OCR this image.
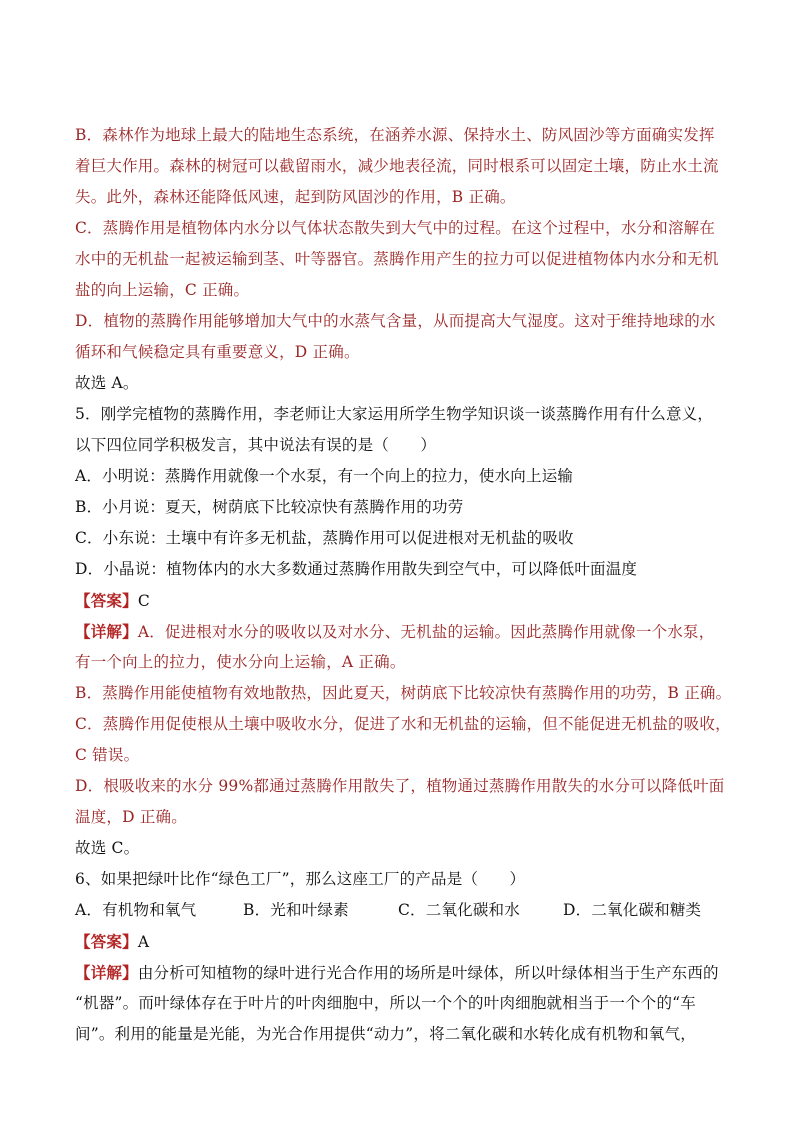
B．森林作为地球上最大的陆地生态系统，在涵养水源、保持水土、防风固沙等方面确实发挥
着巨大作用。森林的树冠可以截留雨水，减少地表径流，同时根系可以固定土壤，防止水土流
失。此外，森林还能降低风速，起到防风固沙的作用，B 正确。
C．蒸腾作用是植物体内水分以气体状态散失到大气中的过程。在这个过程中，水分和溶解在
水中的无机盐一起被运输到茎、叶等器官。蒸腾作用产生的拉力可以促进植物体内水分和无机
盐的向上运输，C 正确。
D．植物的蒸腾作用能够增加大气中的水蒸气含量，从而提高大气湿度。这对于维持地球的水
循环和气候稳定具有重要意义，D 正确。
故选 A。
5．刚学完植物的蒸腾作用，李老师让大家运用所学生物学知识谈一谈蒸腾作用有什么意义，
以下四位同学积极发言，其中说法有误的是（　　）
A．小明说：蒸腾作用就像一个水泵，有一个向上的拉力，使水向上运输
B．小月说：夏天，树荫底下比较凉快有蒸腾作用的功劳
C．小东说：土壤中有许多无机盐，蒸腾作用可以促进根对无机盐的吸收
D．小晶说：植物体内的水大多数通过蒸腾作用散失到空气中，可以降低叶面温度
【答案】C
【详解】A．促进根对水分的吸收以及对水分、无机盐的运输。因此蒸腾作用就像一个水泵，
有一个向上的拉力，使水分向上运输，A 正确。
B．蒸腾作用能使植物有效地散热，因此夏天，树荫底下比较凉快有蒸腾作用的功劳，B 正确。
C．蒸腾作用促使根从土壤中吸收水分，促进了水和无机盐的运输，但不能促进无机盐的吸收，
C 错误。
D．根吸收来的水分 99%都通过蒸腾作用散失了，植物通过蒸腾作用散失的水分可以降低叶面
温度，D 正确。
故选 C。
6、如果把绿叶比作“绿色工厂”，那么这座工厂的产品是（　　）
A．有机物和氧气	B．光和叶绿素	C．二氧化碳和水	D．二氧化碳和糖类
【答案】A
【详解】由分析可知植物的绿叶进行光合作用的场所是叶绿体，所以叶绿体相当于生产东西的
“机器”。而叶绿体存在于叶片的叶肉细胞中，所以一个个的叶肉细胞就相当于一个个的“车
间”。利用的能量是光能，为光合作用提供“动力”，将二氧化碳和水转化成有机物和氧气，
